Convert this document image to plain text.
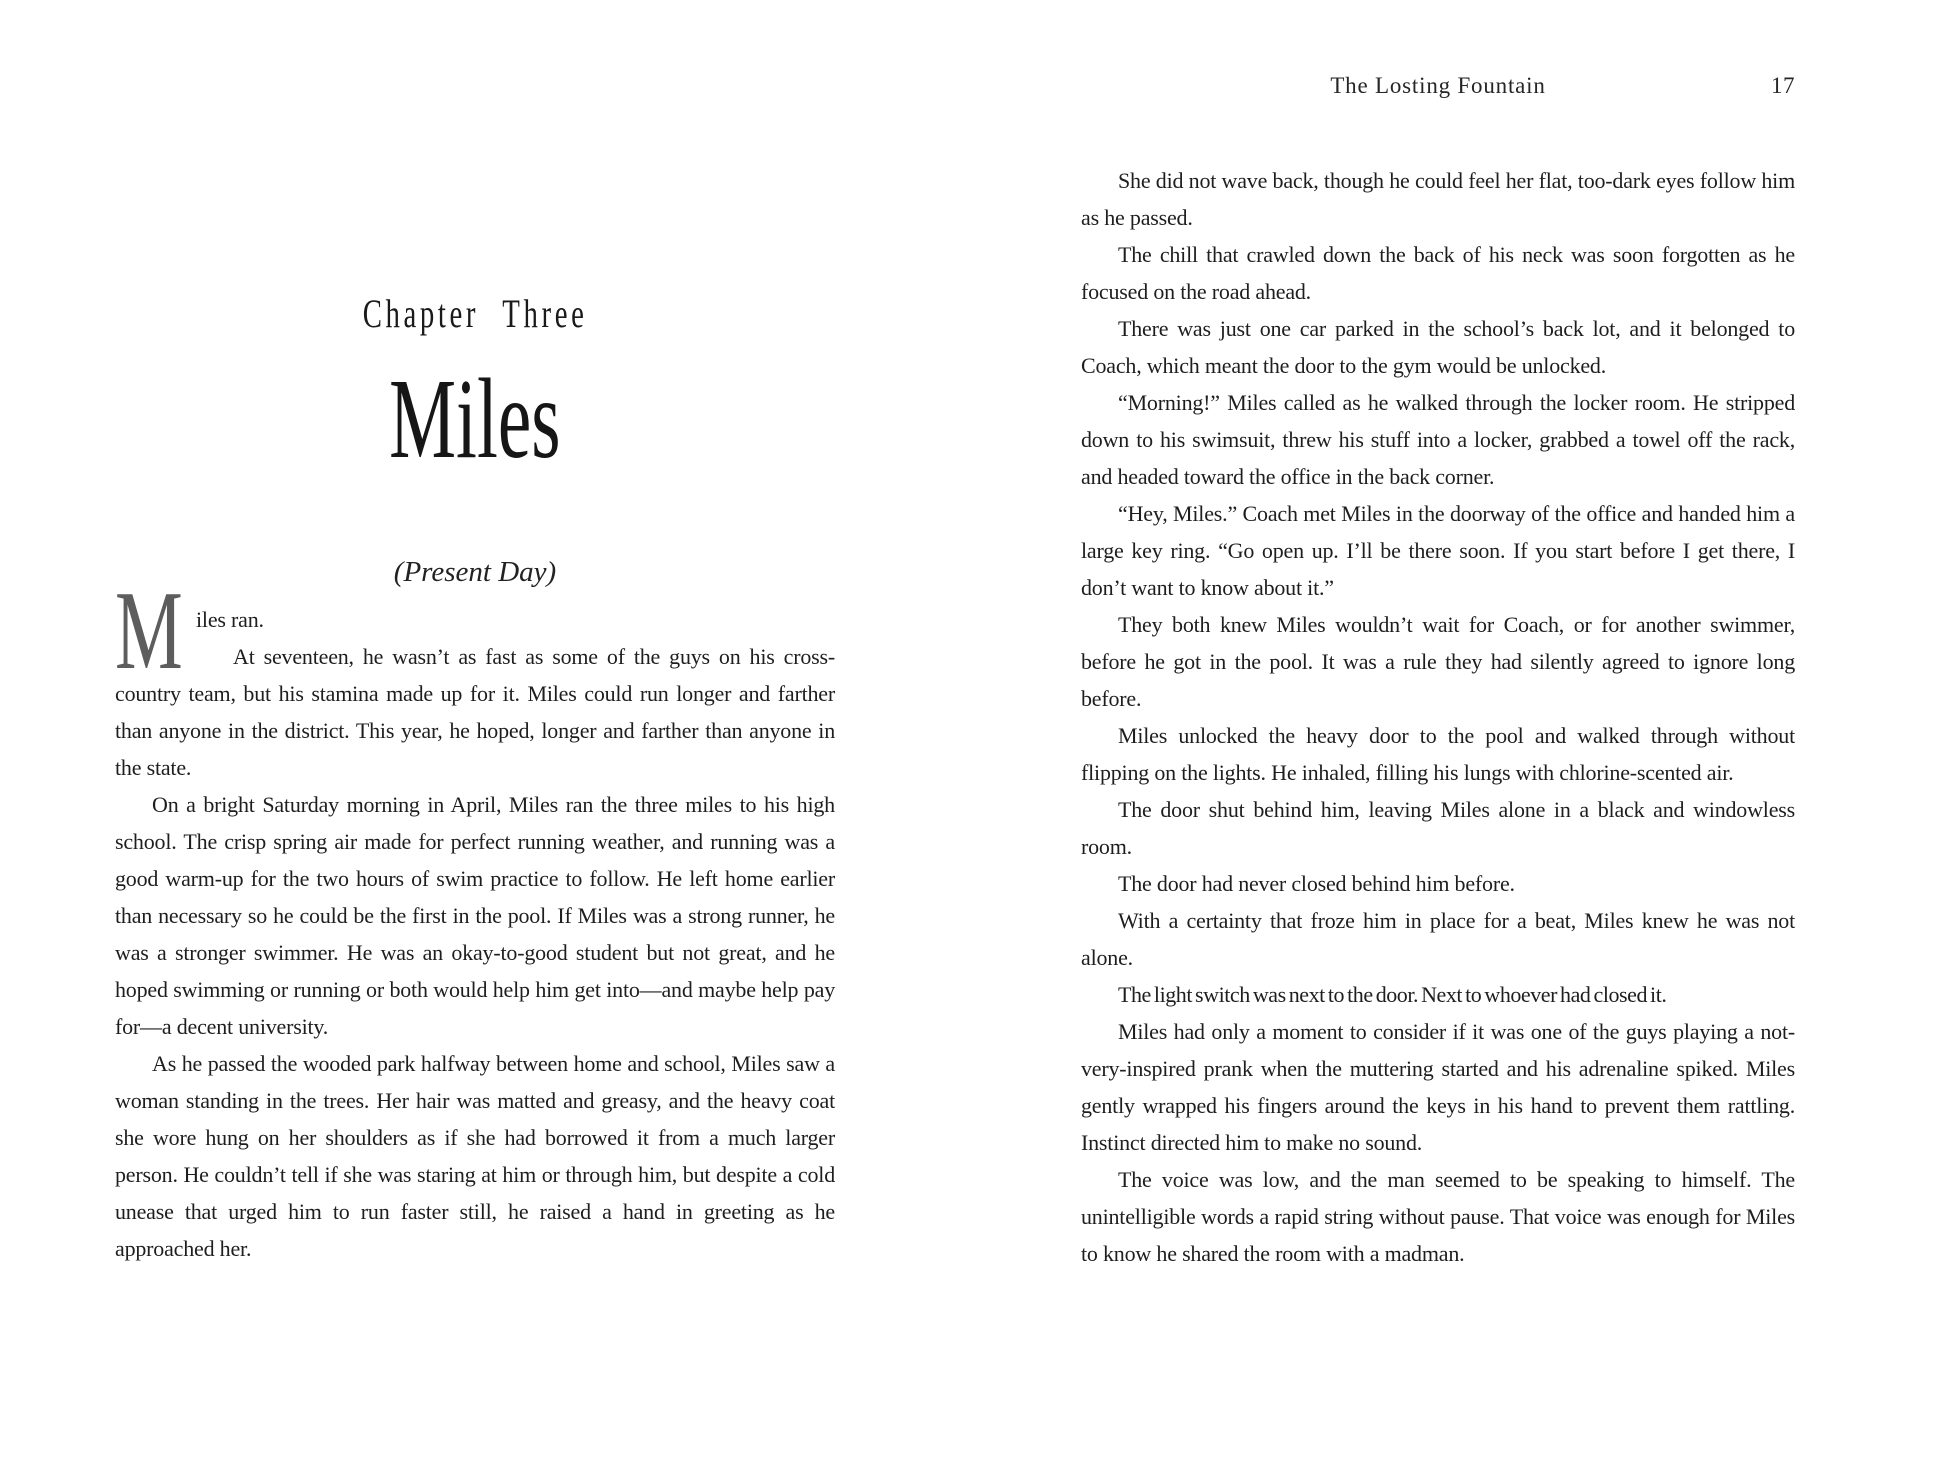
Chapter Three
Miles
(Present Day)

M iles ran.

At seventeen, he wasn’t as fast as some of the guys on his cross-country team, but his stamina made up for it. Miles could run longer and farther than anyone in the district. This year, he hoped, longer and farther than anyone in the state.

On a bright Saturday morning in April, Miles ran the three miles to his high school. The crisp spring air made for perfect running weather, and running was a good warm-up for the two hours of swim practice to follow. He left home earlier than necessary so he could be the first in the pool. If Miles was a strong runner, he was a stronger swimmer. He was an okay-to-good student but not great, and he hoped swimming or running or both would help him get into—and maybe help pay for—a decent university.

As he passed the wooded park halfway between home and school, Miles saw a woman standing in the trees. Her hair was matted and greasy, and the heavy coat she wore hung on her shoulders as if she had borrowed it from a much larger person. He couldn’t tell if she was staring at him or through him, but despite a cold unease that urged him to run faster still, he raised a hand in greeting as he approached her.

The Losting Fountain	17

She did not wave back, though he could feel her flat, too-dark eyes follow him as he passed.

The chill that crawled down the back of his neck was soon forgotten as he focused on the road ahead.

There was just one car parked in the school’s back lot, and it belonged to Coach, which meant the door to the gym would be unlocked.

“Morning!” Miles called as he walked through the locker room. He stripped down to his swimsuit, threw his stuff into a locker, grabbed a towel off the rack, and headed toward the office in the back corner.

“Hey, Miles.” Coach met Miles in the doorway of the office and handed him a large key ring. “Go open up. I’ll be there soon. If you start before I get there, I don’t want to know about it.”

They both knew Miles wouldn’t wait for Coach, or for another swimmer, before he got in the pool. It was a rule they had silently agreed to ignore long before.

Miles unlocked the heavy door to the pool and walked through without flipping on the lights. He inhaled, filling his lungs with chlorine-scented air.

The door shut behind him, leaving Miles alone in a black and windowless room.

The door had never closed behind him before.

With a certainty that froze him in place for a beat, Miles knew he was not alone.

The light switch was next to the door. Next to whoever had closed it.

Miles had only a moment to consider if it was one of the guys playing a not-very-inspired prank when the muttering started and his adrenaline spiked. Miles gently wrapped his fingers around the keys in his hand to prevent them rattling. Instinct directed him to make no sound.

The voice was low, and the man seemed to be speaking to himself. The unintelligible words a rapid string without pause. That voice was enough for Miles to know he shared the room with a madman.
